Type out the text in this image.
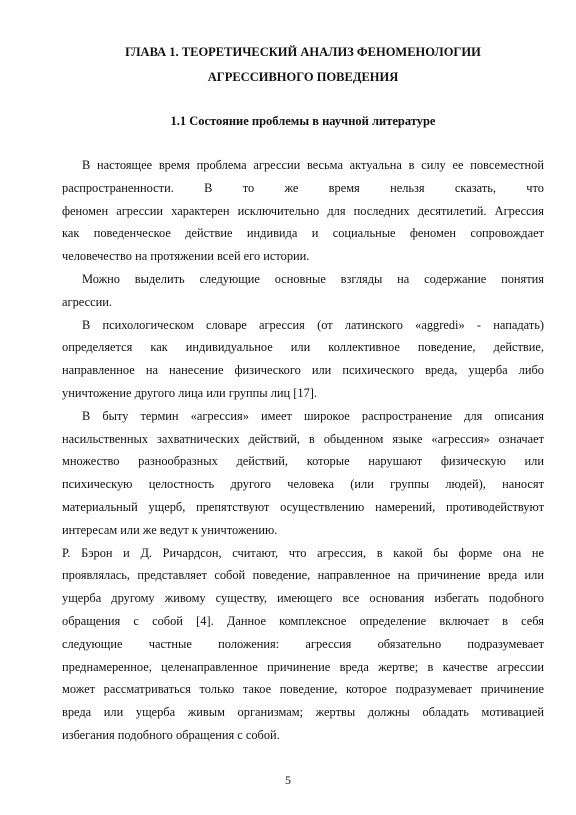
ГЛАВА 1. ТЕОРЕТИЧЕСКИЙ АНАЛИЗ ФЕНОМЕНОЛОГИИ
АГРЕССИВНОГО ПОВЕДЕНИЯ
1.1 Состояние проблемы в научной литературе
В настоящее время проблема агрессии весьма актуальна в силу ее повсеместной
распространенности. В то же время нельзя сказать, что
феномен агрессии характерен исключительно для последних десятилетий. Агрессия
как поведенческое действие индивида и социальные феномен сопровождает
человечество на протяжении всей его истории.
Можно выделить следующие основные взгляды на содержание понятия
агрессии.
В психологическом словаре агрессия (от латинского «aggredi» - нападать)
определяется как индивидуальное или коллективное поведение, действие,
направленное на нанесение физического или психического вреда, ущерба либо
уничтожение другого лица или группы лиц [17].
В быту термин «агрессия» имеет широкое распространение для описания
насильственных захватнических действий, в обыденном языке «агрессия» означает
множество разнообразных действий, которые нарушают физическую или
психическую целостность другого человека (или группы людей), наносят
материальный ущерб, препятствуют осуществлению намерений, противодействуют
интересам или же ведут к уничтожению.
Р. Бэрон и Д. Ричардсон, считают, что агрессия, в какой бы форме она не
проявлялась, представляет собой поведение, направленное на причинение вреда или
ущерба другому живому существу, имеющего все основания избегать подобного
обращения с собой [4]. Данное комплексное определение включает в себя
следующие частные положения: агрессия обязательно подразумевает
преднамеренное, целенаправленное причинение вреда жертве; в качестве агрессии
может рассматриваться только такое поведение, которое подразумевает причинение
вреда или ущерба живым организмам; жертвы должны обладать мотивацией
избегания подобного обращения с собой.
5
